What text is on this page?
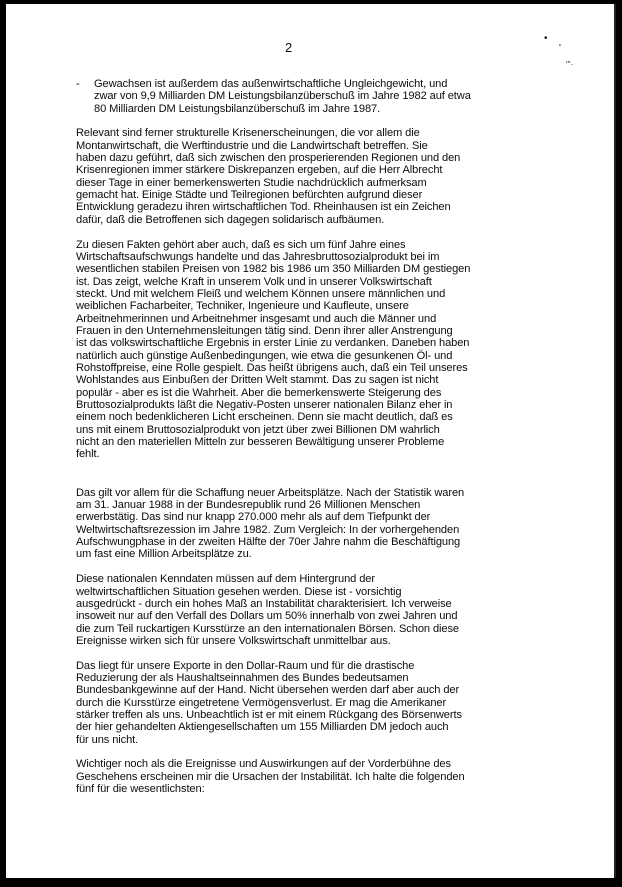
2
•
'
'''·

-	Gewachsen ist außerdem das außenwirtschaftliche Ungleichgewicht, und
zwar von 9,9 Milliarden DM Leistungsbilanzüberschuß im Jahre 1982 auf etwa
80 Milliarden DM Leistungsbilanzüberschuß im Jahre 1987.

Relevant sind ferner strukturelle Krisenerscheinungen, die vor allem die
Montanwirtschaft, die Werftindustrie und die Landwirtschaft betreffen. Sie
haben dazu geführt, daß sich zwischen den prosperierenden Regionen und den
Krisenregionen immer stärkere Diskrepanzen ergeben, auf die Herr Albrecht
dieser Tage in einer bemerkenswerten Studie nachdrücklich aufmerksam
gemacht hat. Einige Städte und Teilregionen befürchten aufgrund dieser
Entwicklung geradezu ihren wirtschaftlichen Tod. Rheinhausen ist ein Zeichen
dafür, daß die Betroffenen sich dagegen solidarisch aufbäumen.

Zu diesen Fakten gehört aber auch, daß es sich um fünf Jahre eines
Wirtschaftsaufschwungs handelte und das Jahresbruttosozialprodukt bei im
wesentlichen stabilen Preisen von 1982 bis 1986 um 350 Milliarden DM gestiegen
ist. Das zeigt, welche Kraft in unserem Volk und in unserer Volkswirtschaft
steckt. Und mit welchem Fleiß und welchem Können unsere männlichen und
weiblichen Facharbeiter, Techniker, Ingenieure und Kaufleute, unsere
Arbeitnehmerinnen und Arbeitnehmer insgesamt und auch die Männer und
Frauen in den Unternehmensleitungen tätig sind. Denn ihrer aller Anstrengung
ist das volkswirtschaftliche Ergebnis in erster Linie zu verdanken. Daneben haben
natürlich auch günstige Außenbedingungen, wie etwa die gesunkenen Öl- und
Rohstoffpreise, eine Rolle gespielt. Das heißt übrigens auch, daß ein Teil unseres
Wohlstandes aus Einbußen der Dritten Welt stammt. Das zu sagen ist nicht
populär - aber es ist die Wahrheit. Aber die bemerkenswerte Steigerung des
Bruttosozialprodukts läßt die Negativ-Posten unserer nationalen Bilanz eher in
einem noch bedenklicheren Licht erscheinen. Denn sie macht deutlich, daß es
uns mit einem Bruttosozialprodukt von jetzt über zwei Billionen DM wahrlich
nicht an den materiellen Mitteln zur besseren Bewältigung unserer Probleme
fehlt.

Das gilt vor allem für die Schaffung neuer Arbeitsplätze. Nach der Statistik waren
am 31. Januar 1988 in der Bundesrepublik rund 26 Millionen Menschen
erwerbstätig. Das sind nur knapp 270.000 mehr als auf dem Tiefpunkt der
Weltwirtschaftsrezession im Jahre 1982. Zum Vergleich: In der vorhergehenden
Aufschwungphase in der zweiten Hälfte der 70er Jahre nahm die Beschäftigung
um fast eine Million Arbeitsplätze zu.

Diese nationalen Kenndaten müssen auf dem Hintergrund der
weltwirtschaftlichen Situation gesehen werden. Diese ist - vorsichtig
ausgedrückt - durch ein hohes Maß an Instabilität charakterisiert. Ich verweise
insoweit nur auf den Verfall des Dollars um 50% innerhalb von zwei Jahren und
die zum Teil ruckartigen Kursstürze an den internationalen Börsen. Schon diese
Ereignisse wirken sich für unsere Volkswirtschaft unmittelbar aus.

Das liegt für unsere Exporte in den Dollar-Raum und für die drastische
Reduzierung der als Haushaltseinnahmen des Bundes bedeutsamen
Bundesbankgewinne auf der Hand. Nicht übersehen werden darf aber auch der
durch die Kursstürze eingetretene Vermögensverlust. Er mag die Amerikaner
stärker treffen als uns. Unbeachtlich ist er mit einem Rückgang des Börsenwerts
der hier gehandelten Aktiengesellschaften um 155 Milliarden DM jedoch auch
für uns nicht.

Wichtiger noch als die Ereignisse und Auswirkungen auf der Vorderbühne des
Geschehens erscheinen mir die Ursachen der Instabilität. Ich halte die folgenden
fünf für die wesentlichsten:
